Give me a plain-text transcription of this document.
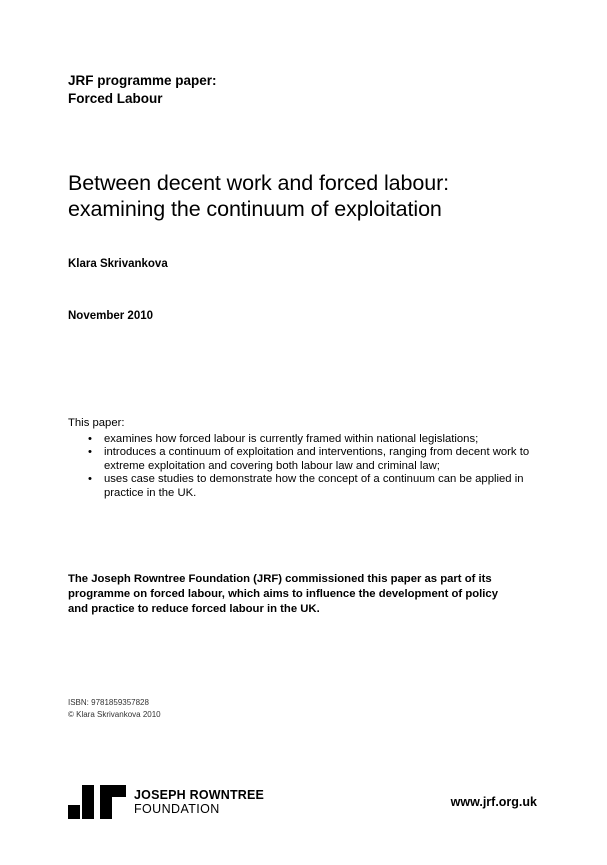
JRF programme paper:
Forced Labour
Between decent work and forced labour:
examining the continuum of exploitation
Klara Skrivankova
November 2010
This paper:
• examines how forced labour is currently framed within national legislations;
• introduces a continuum of exploitation and interventions, ranging from decent work to extreme exploitation and covering both labour law and criminal law;
• uses case studies to demonstrate how the concept of a continuum can be applied in practice in the UK.
The Joseph Rowntree Foundation (JRF) commissioned this paper as part of its programme on forced labour, which aims to influence the development of policy and practice to reduce forced labour in the UK.
ISBN: 9781859357828
© Klara Skrivankova 2010
JOSEPH ROWNTREE
FOUNDATION	www.jrf.org.uk
